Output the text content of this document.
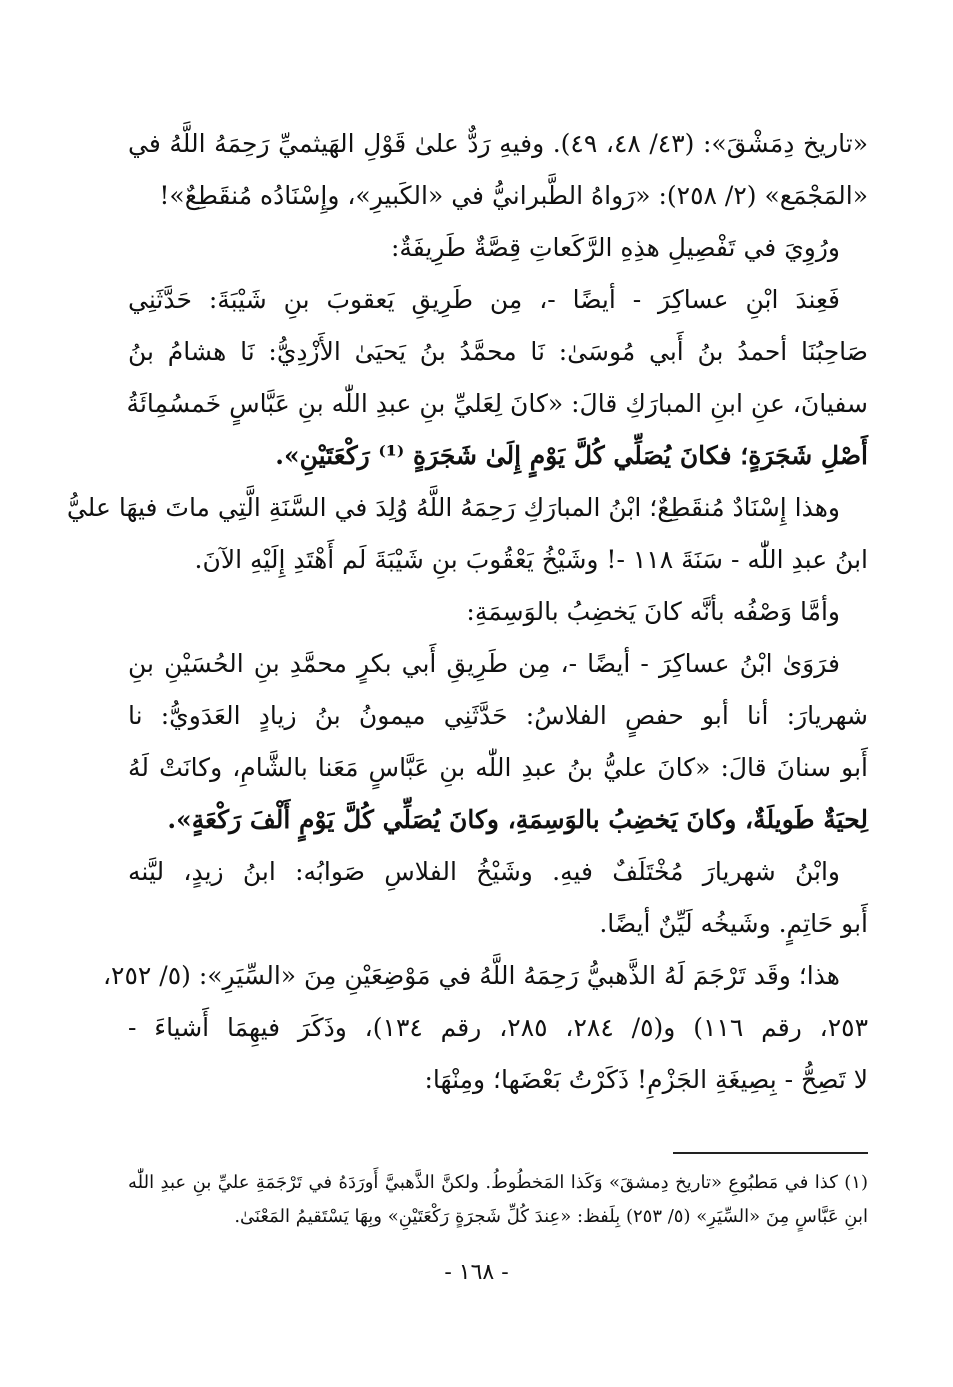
«تاريخ دِمَشْقَ»: (٤٣/ ٤٨، ٤٩). وفيهِ رَدٌّ علىٰ قَوْلِ الهَيثميِّ رَحِمَهُ اللَّهُ في
«المَجْمَع» (٢/ ٢٥٨): «رَواهُ الطَّبرانيُّ في «الكَبيرِ»، وإِسْنَادُه مُنقَطِعٌ»!
ورُوِيَ في تَفْصِيلِ هذِهِ الرَّكَعاتِ قِصَّةٌ طَرِيفَةٌ:
فَعِندَ ابْنِ عساكِرَ - أيضًا -، مِن طَرِيقِ يَعقوبَ بنِ شَيْبَةَ: حَدَّثَنِي
صَاحِبُنَا أحمدُ بنُ أَبي مُوسَىٰ: نَا محمَّدُ بنُ يَحيَىٰ الأَزْدِيُّ: نَا هشامُ بنُ
سفيانَ، عنِ ابنِ المبارَكِ قالَ: «كانَ لِعَليِّ بنِ عبدِ اللّٰه بنِ عَبَّاسٍ خَمسُمِائَةُ
أَصْلِ شَجَرَةٍ؛ فكانَ يُصَلِّي كُلَّ يَوْمٍ إِلَىٰ شَجَرَةٍ ⁽¹⁾ رَكْعَتَيْنِ».
وهذا إِسْنَادٌ مُنقَطِعٌ؛ ابْنُ المبارَكِ رَحِمَهُ اللَّهُ وُلِدَ في السَّنَةِ الَّتِي ماتَ فيهَا عليُّ
ابنُ عبدِ اللّٰه - سَنَةَ ١١٨ -! وشَيْخُ يَعْقُوبَ بنِ شَيْبَةَ لَم أَهْتَدِ إِلَيْهِ الآنَ.
وأمَّا وَصْفُه بأنَّه كانَ يَخضِبُ بالوَسِمَةِ:
فرَوَىٰ ابْنُ عساكِرَ - أيضًا -، مِن طَرِيقِ أَبي بكرٍ محمَّدِ بنِ الحُسَيْنِ بنِ
شهريارَ: أنا أبو حفصٍ الفلاسُ: حَدَّثَنِي ميمونُ بنُ زيادٍ العَدَويُّ: نا
أَبو سنانَ قالَ: «كانَ عليُّ بنُ عبدِ اللّٰه بنِ عَبَّاسٍ مَعَنا بالشَّامِ، وكانَتْ لَهُ
لِحيَةٌ طَويلَةٌ، وكانَ يَخضِبُ بالوَسِمَةِ، وكانَ يُصَلِّي كُلَّ يَوْمٍ أَلْفَ رَكْعَةٍ».
وابْنُ شهريارَ مُخْتَلَفٌ فيهِ. وشَيْخُ الفلاسِ صَوابُه: ابنُ زيدٍ، ليَّنه
أَبو حَاتِمٍ. وشَيخُه لَيِّنٌ أيضًا.
هذا؛ وقَد تَرْجَمَ لَهُ الذَّهبيُّ رَحِمَهُ اللَّهُ في مَوْضِعَيْنِ مِنَ «السِّيَرِ»: (٥/ ٢٥٢،
٢٥٣، رقم ١١٦) و(٥/ ٢٨٤، ٢٨٥، رقم ١٣٤)، وذَكَرَ فيهِمَا أَشياءَ -
لا تَصِحُّ - بِصِيغَةِ الجَزْمِ! ذَكَرْتُ بَعْضَها؛ ومِنْهَا:
(١) كذا في مَطبُوعِ «تاريخ دِمشقَ» وَكَذا المَخطُوطُ. ولكنَّ الذَّهبيَّ أَورَدَهُ في تَرْجَمَةِ عليِّ بنِ عبدِ اللّٰه
ابنِ عَبَّاسٍ مِنَ «السِّيَرِ» (٥/ ٢٥٣) بِلَفظ: «عِندَ كُلِّ شَجرَةٍ رَكْعَتَيْنِ» وبِهَا يَسْتَقيمُ المَعْنَىٰ.
- ١٦٨ -
